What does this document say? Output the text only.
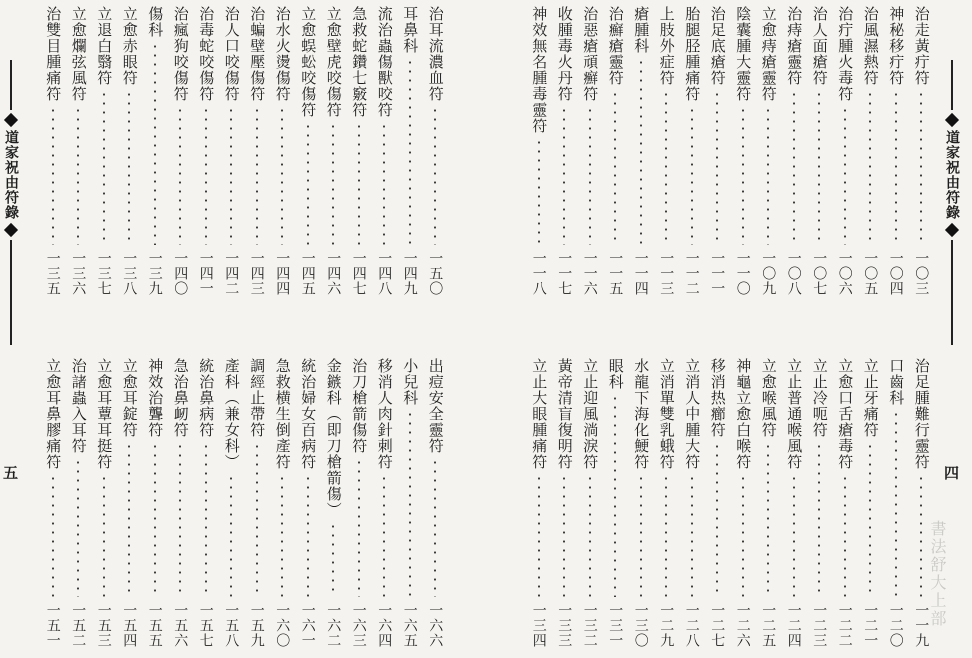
治走黃疔符
一〇三
神秘移疔符
一〇四
治風濕熱符
一〇五
治疔腫火毒符
一〇六
治人面瘡符
一〇七
治痔瘡靈符
一〇八
立愈痔瘡靈符
一〇九
陰囊腫大靈符
一一〇
治足底瘡符
一一一
胎腿胫腫痛符
一一二
上肢外症符
一一三
瘡腫科
一一四
治癬瘡靈符
一一五
治惡瘡頑癬符
一一六
收腫毒火丹符
一一七
神效無名腫毒靈符
一一八
治足腫難行靈符
一一九
口齒科
一二〇
立止牙痛符
一二一
立愈口舌瘡毒符
一二二
立止冷呃符
一二三
立止普通喉風符
一二四
立愈喉風符
一二五
神龜立愈白喉符
一二六
移消热癤符
一二七
立消人中腫大符
一二八
立消單雙乳蛾符
一二九
水龍下海化鯁符
一三〇
眼科
一三一
立止迎風淌淚符
一三二
黃帝清盲復明符
一三三
立止大眼腫痛符
一三四	書法舒大上部
道家祝由符錄
四
治耳流濃血符
一五〇
耳鼻科
一四九
流治蟲傷獸咬符
一四八
急救蛇鑽七竅符
一四七
立愈壁虎咬傷符
一四六
立愈蜈蚣咬傷符
一四五
治水火燙傷符
一四四
治蝙壁壓傷符
一四三
治人口咬傷符
一四二
治毒蛇咬傷符
一四一
治瘋狗咬傷符
一四〇
傷科
一三九
立愈赤眼符
一三八
立退白翳符
一三七
立愈爛弦風符
一三六
治雙目腫痛符
一三五
出痘安全靈符
一六六
小兒科
一六五
移消人肉針刺符
一六四
治刀槍箭傷符
一六三
金鏃科（即刀槍箭傷）
一六二
統治婦女百病符
一六一
急救横生倒產符
一六〇
調經止帶符
一五九
產科（兼女科）
一五八
統治鼻病符
一五七
急治鼻衂符
一五六
神效治聾符
一五五
立愈耳錠符
一五四
立愈耳蕈耳挺符
一五三
治諸蟲入耳符
一五二
立愈耳鼻膠痛符
一五一
道家祝由符錄
五
